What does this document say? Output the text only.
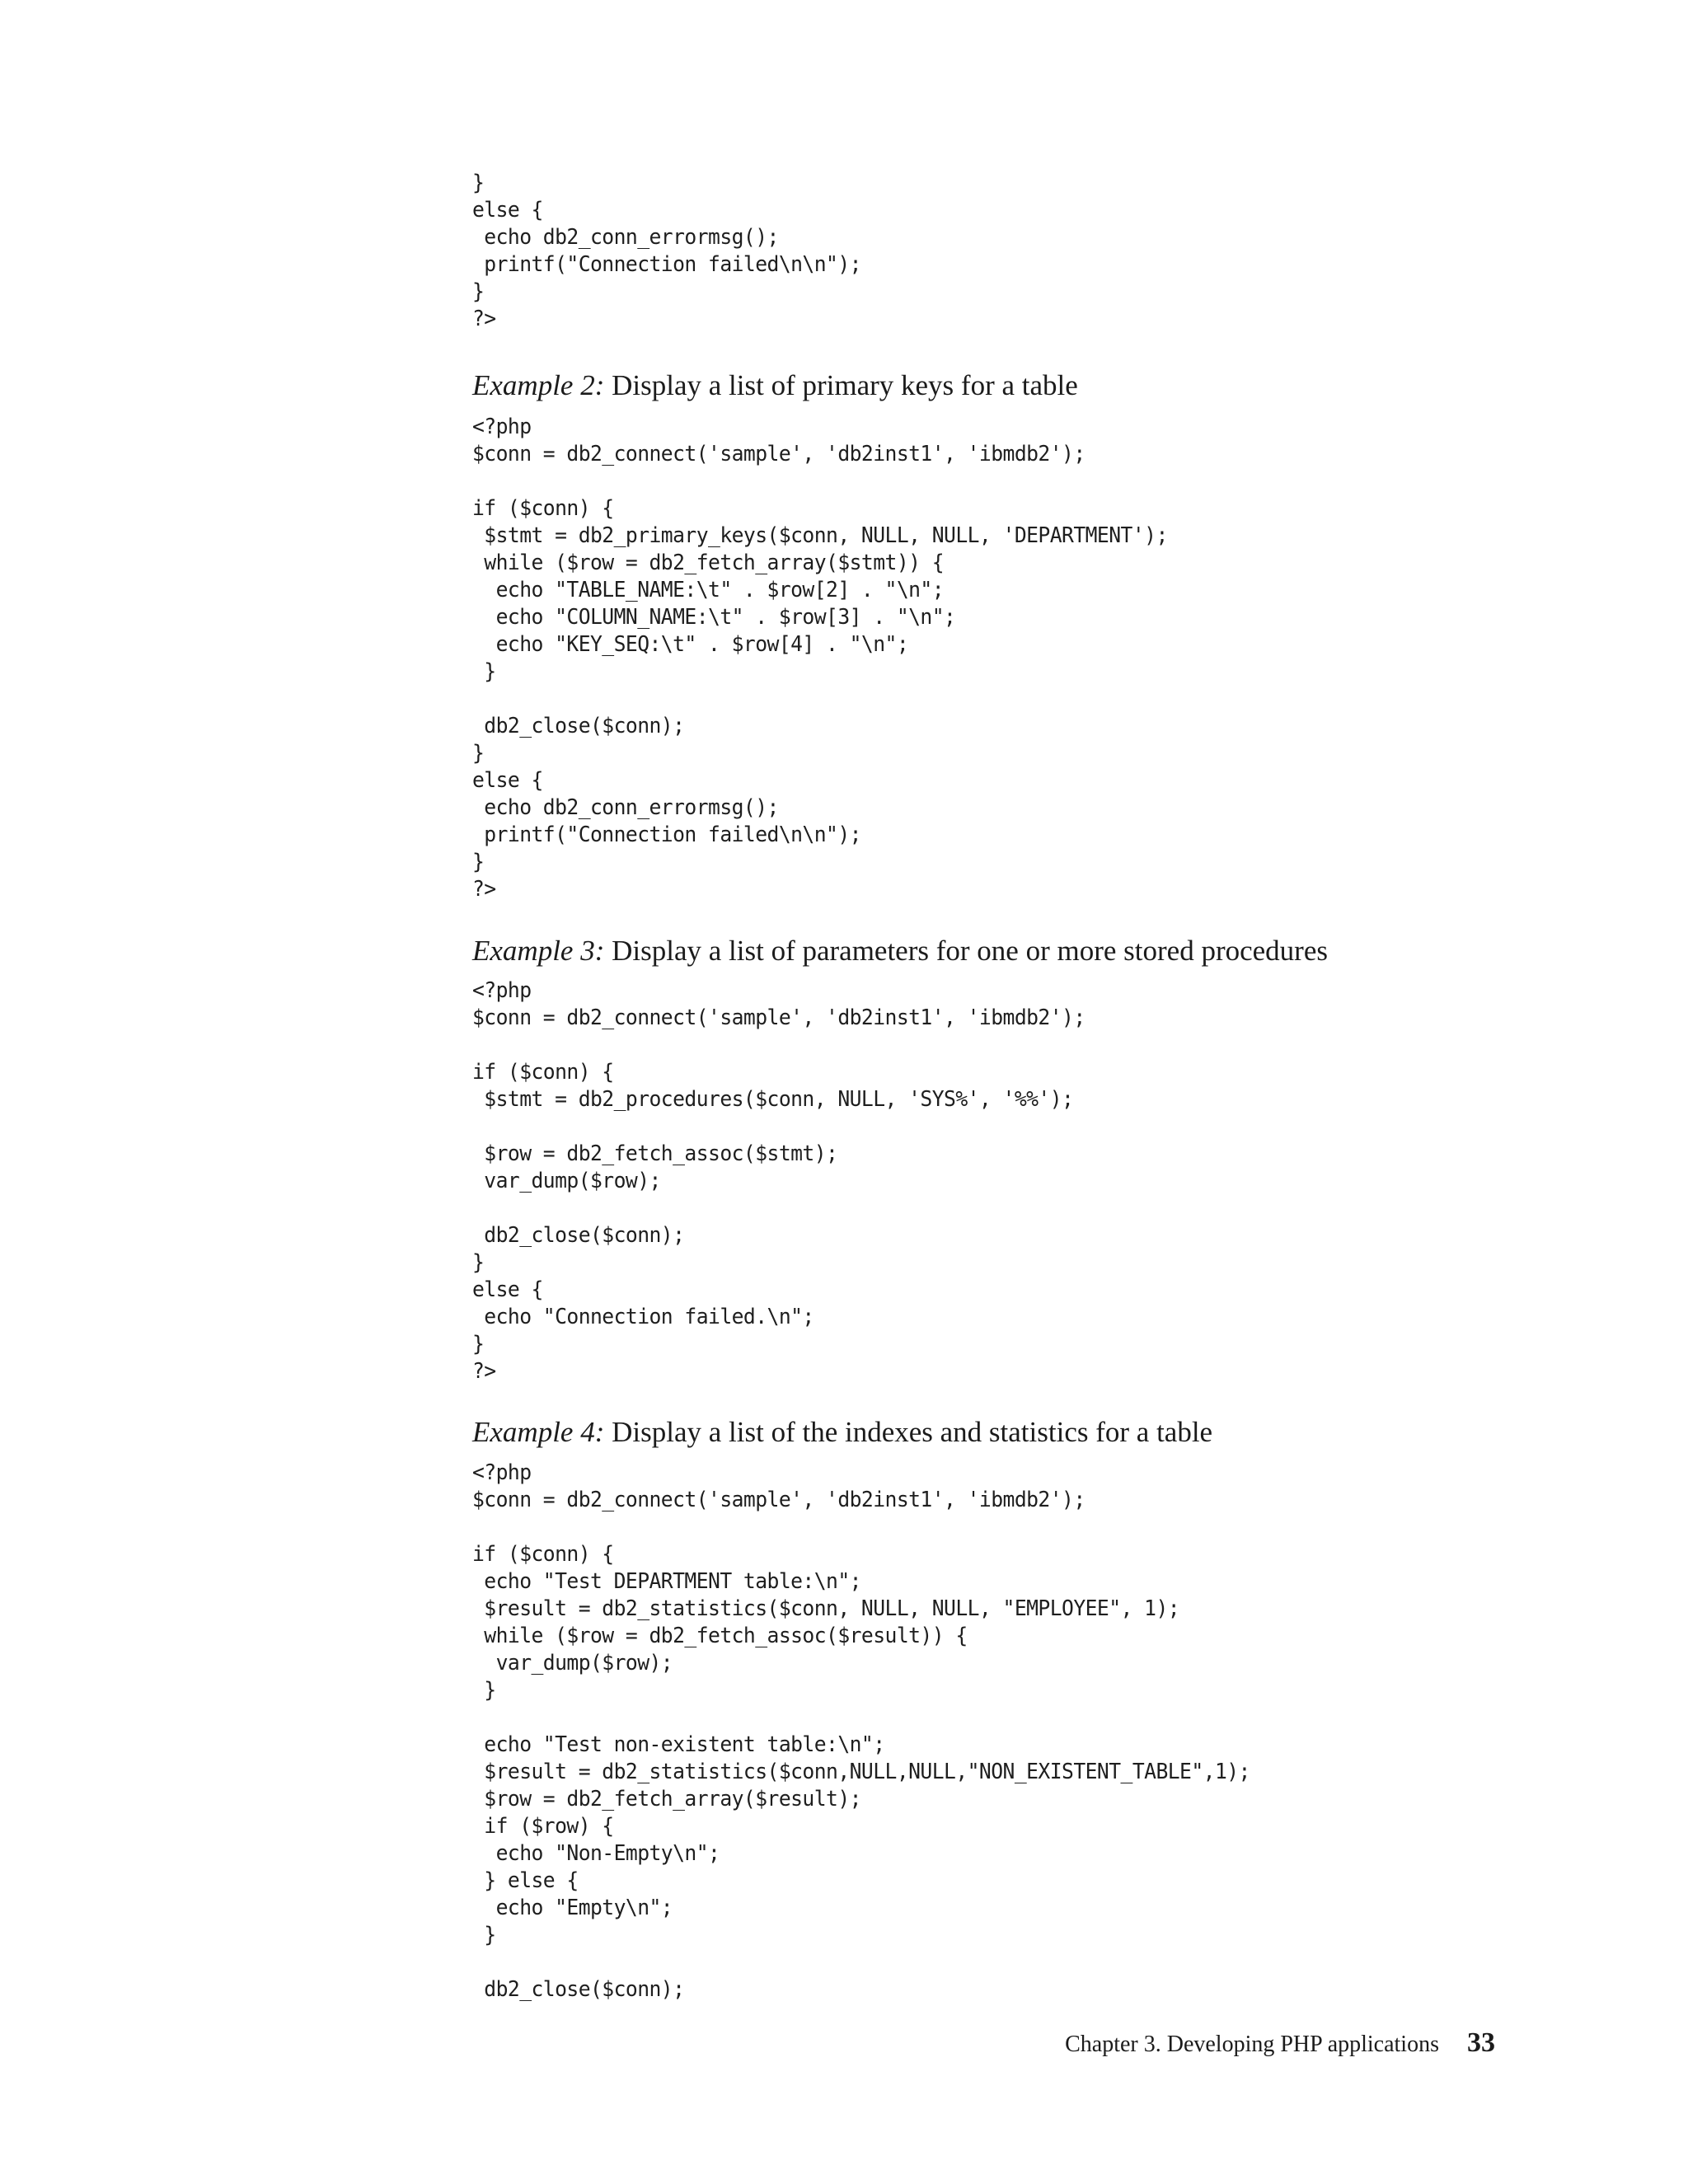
}
else {
echo db2_conn_errormsg();
printf("Connection failed\n\n");
}
?>
Example 2: Display a list of primary keys for a table
<?php
$conn = db2_connect('sample', 'db2inst1', 'ibmdb2');

if ($conn) {
$stmt = db2_primary_keys($conn, NULL, NULL, 'DEPARTMENT');
while ($row = db2_fetch_array($stmt)) {
echo "TABLE_NAME:\t" . $row[2] . "\n";
echo "COLUMN_NAME:\t" . $row[3] . "\n";
echo "KEY_SEQ:\t" . $row[4] . "\n";
}

db2_close($conn);
}
else {
echo db2_conn_errormsg();
printf("Connection failed\n\n");
}
?>
Example 3: Display a list of parameters for one or more stored procedures
<?php
$conn = db2_connect('sample', 'db2inst1', 'ibmdb2');

if ($conn) {
$stmt = db2_procedures($conn, NULL, 'SYS%', '%%');

$row = db2_fetch_assoc($stmt);
var_dump($row);

db2_close($conn);
}
else {
echo "Connection failed.\n";
}
?>
Example 4: Display a list of the indexes and statistics for a table
<?php
$conn = db2_connect('sample', 'db2inst1', 'ibmdb2');

if ($conn) {
echo "Test DEPARTMENT table:\n";
$result = db2_statistics($conn, NULL, NULL, "EMPLOYEE", 1);
while ($row = db2_fetch_assoc($result)) {
var_dump($row);
}

echo "Test non-existent table:\n";
$result = db2_statistics($conn,NULL,NULL,"NON_EXISTENT_TABLE",1);
$row = db2_fetch_array($result);
if ($row) {
echo "Non-Empty\n";
} else {
echo "Empty\n";
}

db2_close($conn);
Chapter 3. Developing PHP applications 33
